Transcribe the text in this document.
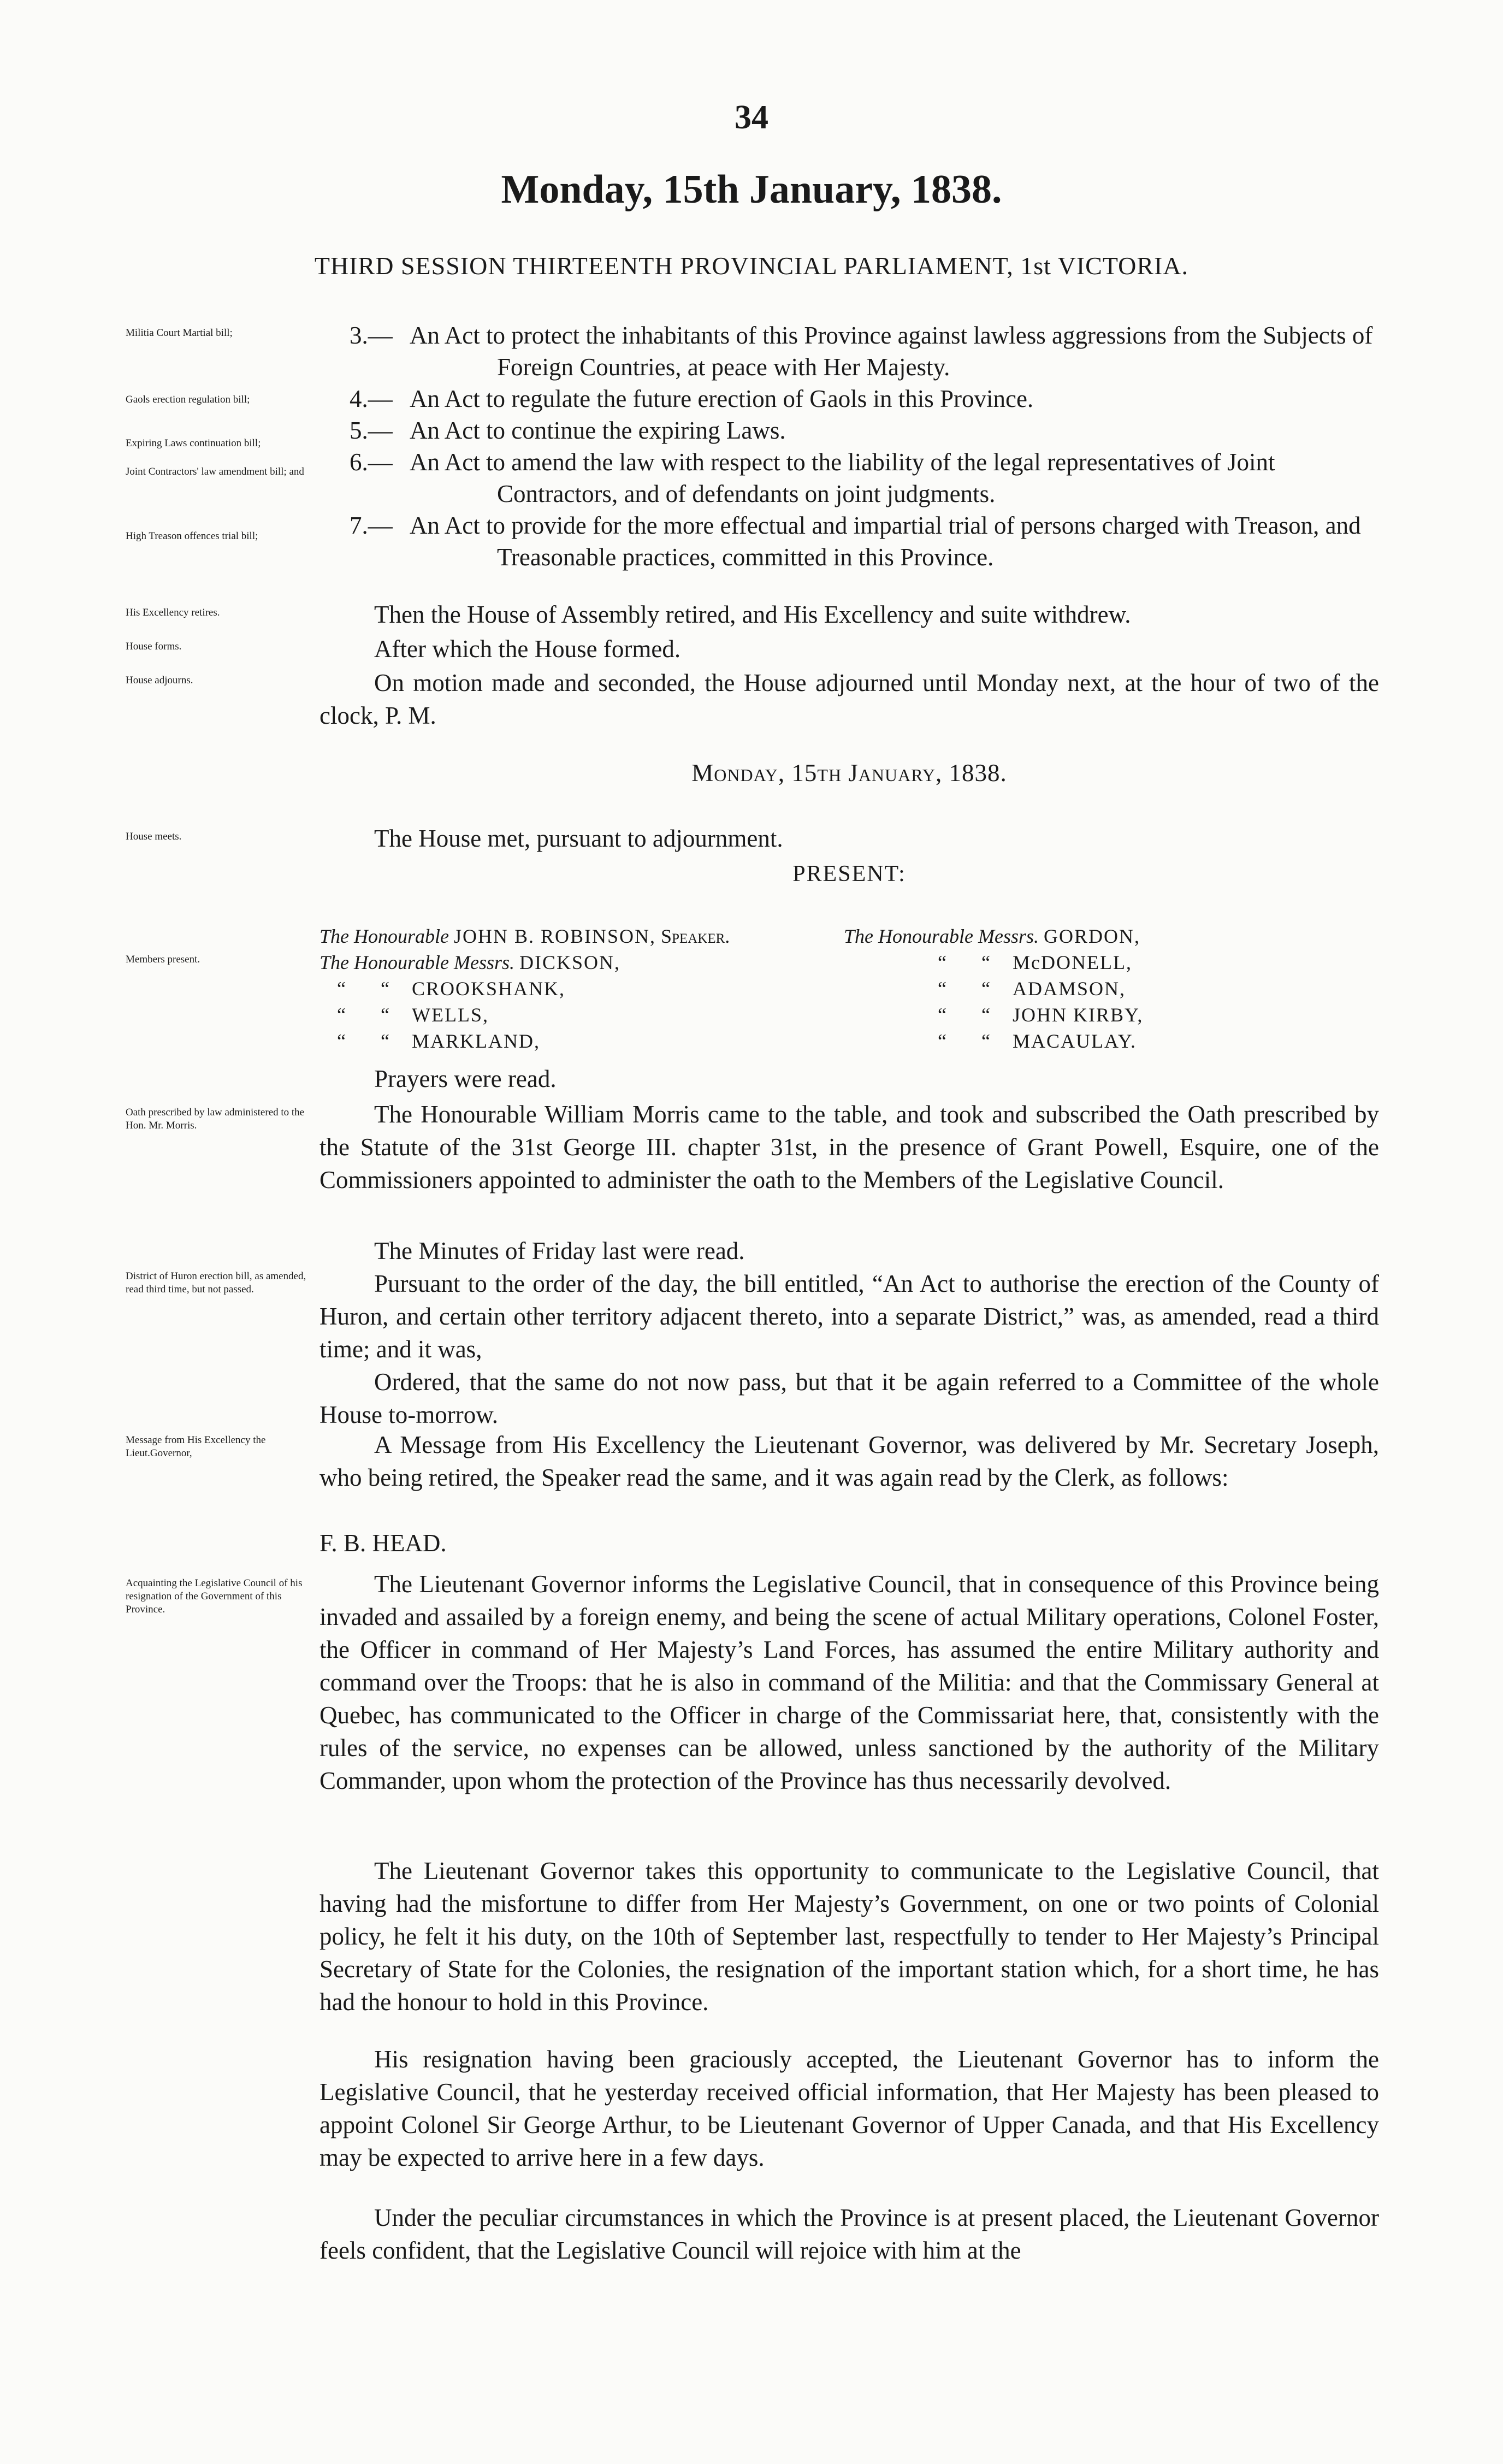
34
Monday, 15th January, 1838.
THIRD SESSION THIRTEENTH PROVINCIAL PARLIAMENT, 1st VICTORIA.
Militia Court Martial bill;
Gaols erection regulation bill;
Expiring Laws continuation bill;
Joint Contractors' law amendment bill; and
High Treason offences trial bill;
His Excellency retires.
House forms.
House adjourns.
House meets.
Members present.
Oath prescribed by law administered to the Hon. Mr. Morris.
District of Huron erection bill, as amended, read third time, but not passed.
Message from His Excellency the Lieut.Governor,
Acquainting the Legislative Council of his resignation of the Government of this Province.
3.— An Act to protect the inhabitants of this Province against lawless aggressions from the Subjects of Foreign Countries, at peace with Her Majesty.
4.— An Act to regulate the future erection of Gaols in this Province.
5.— An Act to continue the expiring Laws.
6.— An Act to amend the law with respect to the liability of the legal representatives of Joint Contractors, and of defendants on joint judgments.
7.— An Act to provide for the more effectual and impartial trial of persons charged with Treason, and Treasonable practices, committed in this Province.
Then the House of Assembly retired, and His Excellency and suite withdrew.
After which the House formed.
On motion made and seconded, the House adjourned until Monday next, at the hour of two of the clock, P. M.
Monday, 15th January, 1838.
The House met, pursuant to adjournment.
PRESENT:
The Honourable JOHN B. ROBINSON, Speaker.
The Honourable Messrs. DICKSON,
“ “ CROOKSHANK,
“ “ WELLS,
“ “ MARKLAND,
The Honourable Messrs. GORDON,
“ “ McDONELL,
“ “ ADAMSON,
“ “ JOHN KIRBY,
“ “ MACAULAY.
Prayers were read.
The Honourable William Morris came to the table, and took and subscribed the Oath prescribed by the Statute of the 31st George III. chapter 31st, in the presence of Grant Powell, Esquire, one of the Commissioners appointed to administer the oath to the Members of the Legislative Council.
The Minutes of Friday last were read.
Pursuant to the order of the day, the bill entitled, “An Act to authorise the erection of the County of Huron, and certain other territory adjacent thereto, into a separate District,” was, as amended, read a third time; and it was,
Ordered, that the same do not now pass, but that it be again referred to a Committee of the whole House to-morrow.
A Message from His Excellency the Lieutenant Governor, was delivered by Mr. Secretary Joseph, who being retired, the Speaker read the same, and it was again read by the Clerk, as follows:
F. B. HEAD.
The Lieutenant Governor informs the Legislative Council, that in consequence of this Province being invaded and assailed by a foreign enemy, and being the scene of actual Military operations, Colonel Foster, the Officer in command of Her Majesty’s Land Forces, has assumed the entire Military authority and command over the Troops: that he is also in command of the Militia: and that the Commissary General at Quebec, has communicated to the Officer in charge of the Commissariat here, that, consistently with the rules of the service, no expenses can be allowed, unless sanctioned by the authority of the Military Commander, upon whom the protection of the Province has thus necessarily devolved.
The Lieutenant Governor takes this opportunity to communicate to the Legislative Council, that having had the misfortune to differ from Her Majesty’s Government, on one or two points of Colonial policy, he felt it his duty, on the 10th of September last, respectfully to tender to Her Majesty’s Principal Secretary of State for the Colonies, the resignation of the important station which, for a short time, he has had the honour to hold in this Province.
His resignation having been graciously accepted, the Lieutenant Governor has to inform the Legislative Council, that he yesterday received official information, that Her Majesty has been pleased to appoint Colonel Sir George Arthur, to be Lieutenant Governor of Upper Canada, and that His Excellency may be expected to arrive here in a few days.
Under the peculiar circumstances in which the Province is at present placed, the Lieutenant Governor feels confident, that the Legislative Council will rejoice with him at the
